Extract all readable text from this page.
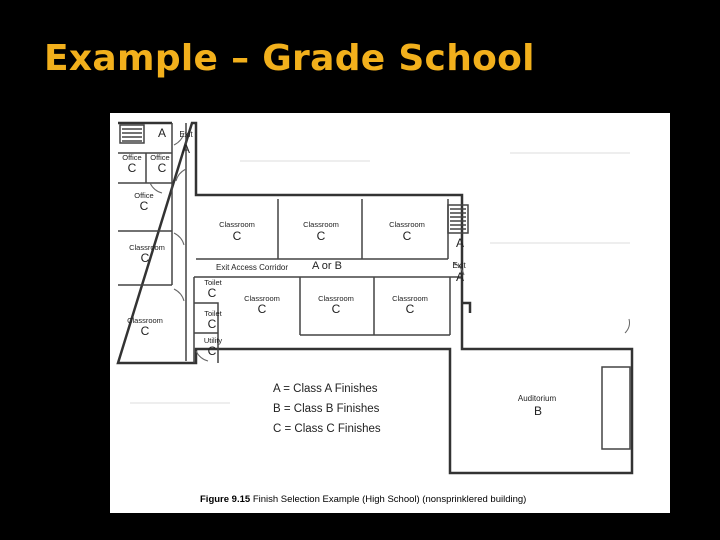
Example – Grade School
A Exit
A
Office
C
Office
C
Office
C
Classroom
C
Classroom
C
Classroom
C
Classroom
C
Classroom
C	A
Exit
A
Exit Access Corridor A or B
Classroom
C
Classroom
C
Classroom
C
Toilet
C
Toilet
C
Utility
C
Auditorium
B
A = Class A Finishes
B = Class B Finishes
C = Class C Finishes
Figure 9.15 Finish Selection Example (High School) (nonsprinklered building)
